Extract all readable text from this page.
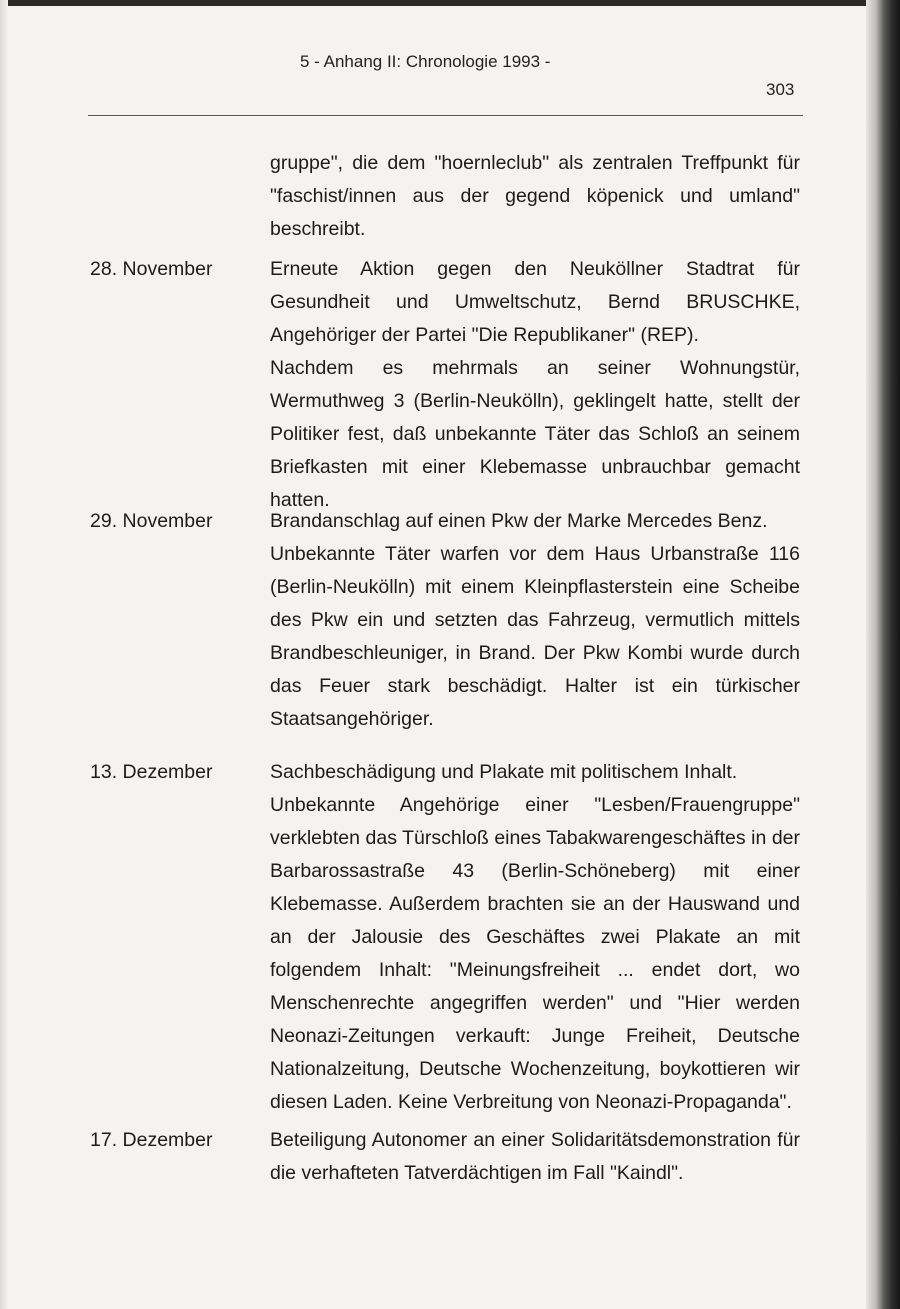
5 - Anhang II: Chronologie 1993 -
303

gruppe", die dem "hoernleclub" als zentralen Treffpunkt für "faschist/innen aus der gegend köpenick und umland" beschreibt.

28. November	Erneute Aktion gegen den Neuköllner Stadtrat für Gesundheit und Umweltschutz, Bernd BRUSCHKE, Angehöriger der Partei "Die Republikaner" (REP).

Nachdem es mehrmals an seiner Wohnungstür, Wermuthweg 3 (Berlin-Neukölln), geklingelt hatte, stellt der Politiker fest, daß unbekannte Täter das Schloß an seinem Briefkasten mit einer Klebemasse unbrauchbar gemacht hatten.

29. November	Brandanschlag auf einen Pkw der Marke Mercedes Benz.

Unbekannte Täter warfen vor dem Haus Urbanstraße 116 (Berlin-Neukölln) mit einem Kleinpflasterstein eine Scheibe des Pkw ein und setzten das Fahrzeug, vermutlich mittels Brandbeschleuniger, in Brand. Der Pkw Kombi wurde durch das Feuer stark beschädigt. Halter ist ein türkischer Staatsangehöriger.

13. Dezember	Sachbeschädigung und Plakate mit politischem Inhalt.

Unbekannte Angehörige einer "Lesben/Frauengruppe" verklebten das Türschloß eines Tabakwarengeschäftes in der Barbarossastraße 43 (Berlin-Schöneberg) mit einer Klebemasse. Außerdem brachten sie an der Hauswand und an der Jalousie des Geschäftes zwei Plakate an mit folgendem Inhalt: "Meinungsfreiheit ... endet dort, wo Menschenrechte angegriffen werden" und "Hier werden Neonazi-Zeitungen verkauft: Junge Freiheit, Deutsche Nationalzeitung, Deutsche Wochenzeitung, boykottieren wir diesen Laden. Keine Verbreitung von Neonazi-Propaganda".

17. Dezember	Beteiligung Autonomer an einer Solidaritätsdemonstration für die verhafteten Tatverdächtigen im Fall "Kaindl".
